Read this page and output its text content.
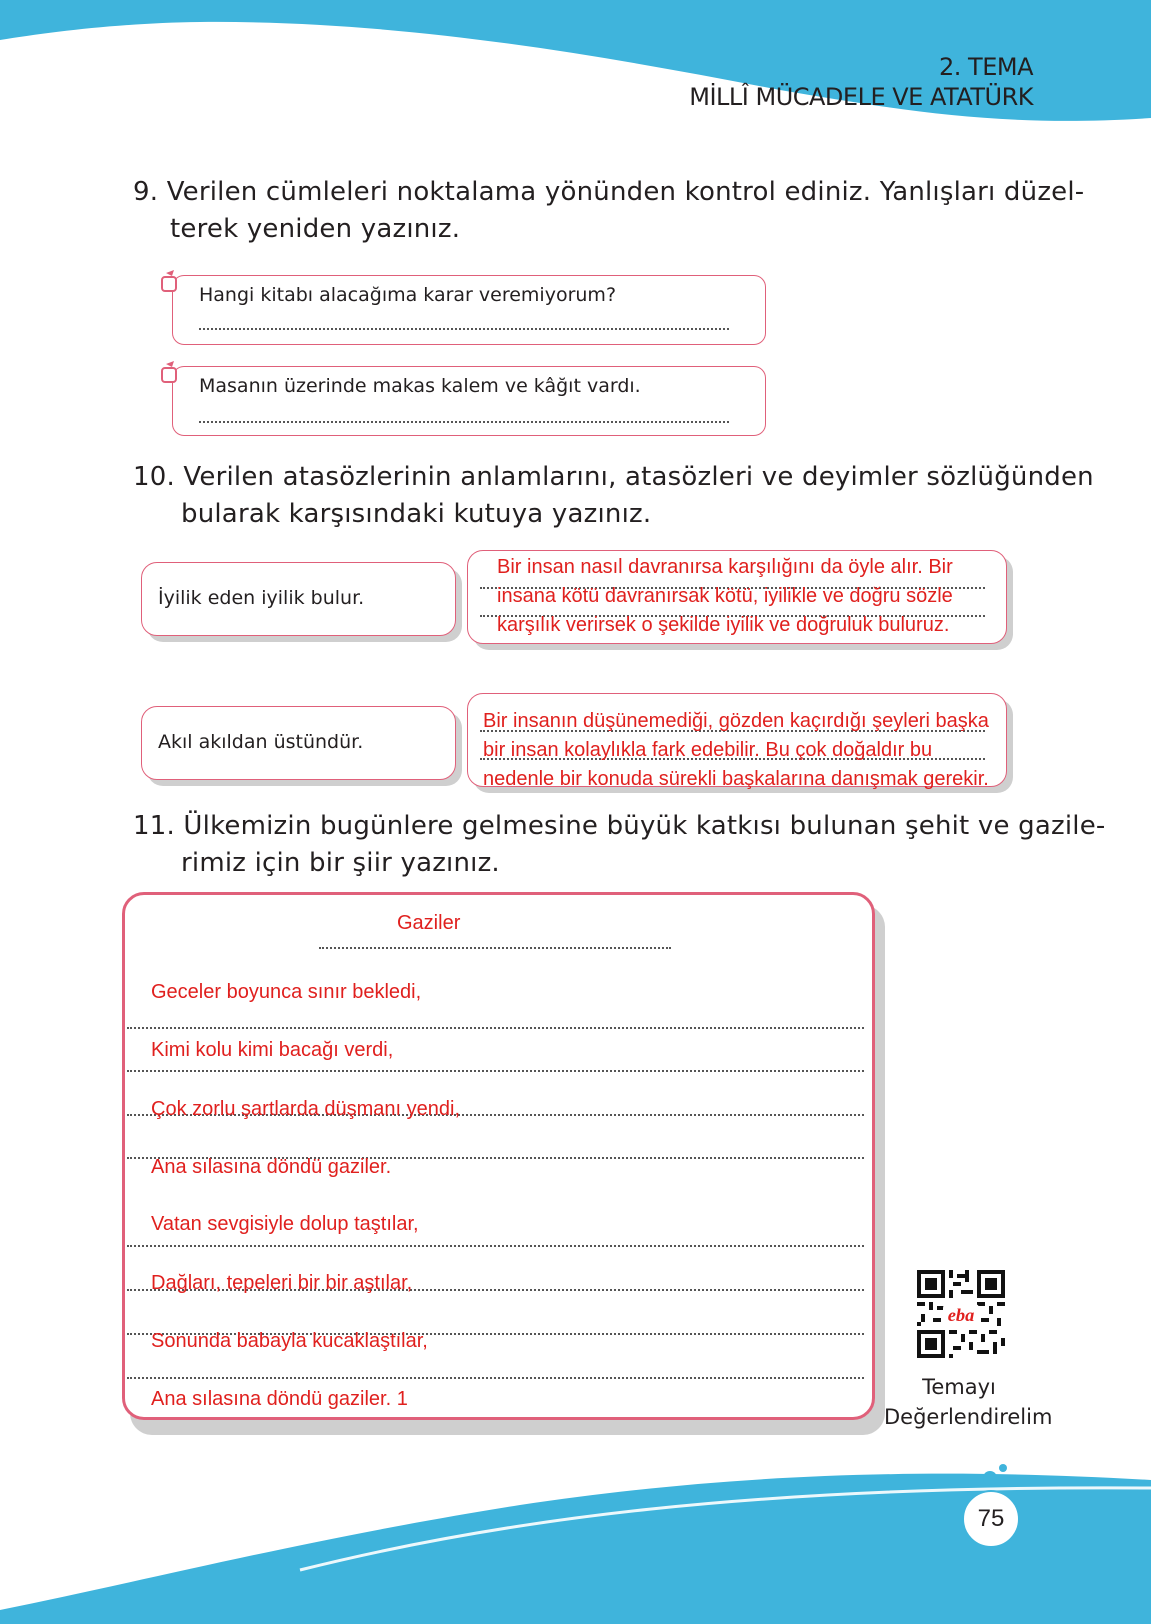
2. TEMA
MİLLÎ MÜCADELE VE ATATÜRK
9. Verilen cümleleri noktalama yönünden kontrol ediniz. Yanlışları düzel-
terek yeniden yazınız.
Hangi kitabı alacağıma karar veremiyorum?
Masanın üzerinde makas kalem ve kâğıt vardı.
10. Verilen atasözlerinin anlamlarını, atasözleri ve deyimler sözlüğünden
bularak karşısındaki kutuya yazınız.
İyilik eden iyilik bulur.
Bir insan nasıl davranırsa karşılığını da öyle alır. Bir
insana kötü davranırsak kötü, iyilikle ve doğru sözle
karşılık verirsek o şekilde iyilik ve doğruluk buluruz.
Akıl akıldan üstündür.
Bir insanın düşünemediği, gözden kaçırdığı şeyleri başka
bir insan kolaylıkla fark edebilir. Bu çok doğaldır bu
nedenle bir konuda sürekli başkalarına danışmak gerekir.
11. Ülkemizin bugünlere gelmesine büyük katkısı bulunan şehit ve gazile-
rimiz için bir şiir yazınız.
Gaziler
Geceler boyunca sınır bekledi,
Kimi kolu kimi bacağı verdi,
Çok zorlu şartlarda düşmanı yendi,
Ana sılasına döndü gaziler.
Vatan sevgisiyle dolup taştılar,
Dağları, tepeleri bir bir aştılar,
Sonunda babayla kucaklaştılar,
Ana sılasına döndü gaziler. 1
eba
Temayı
Değerlendirelim
75
